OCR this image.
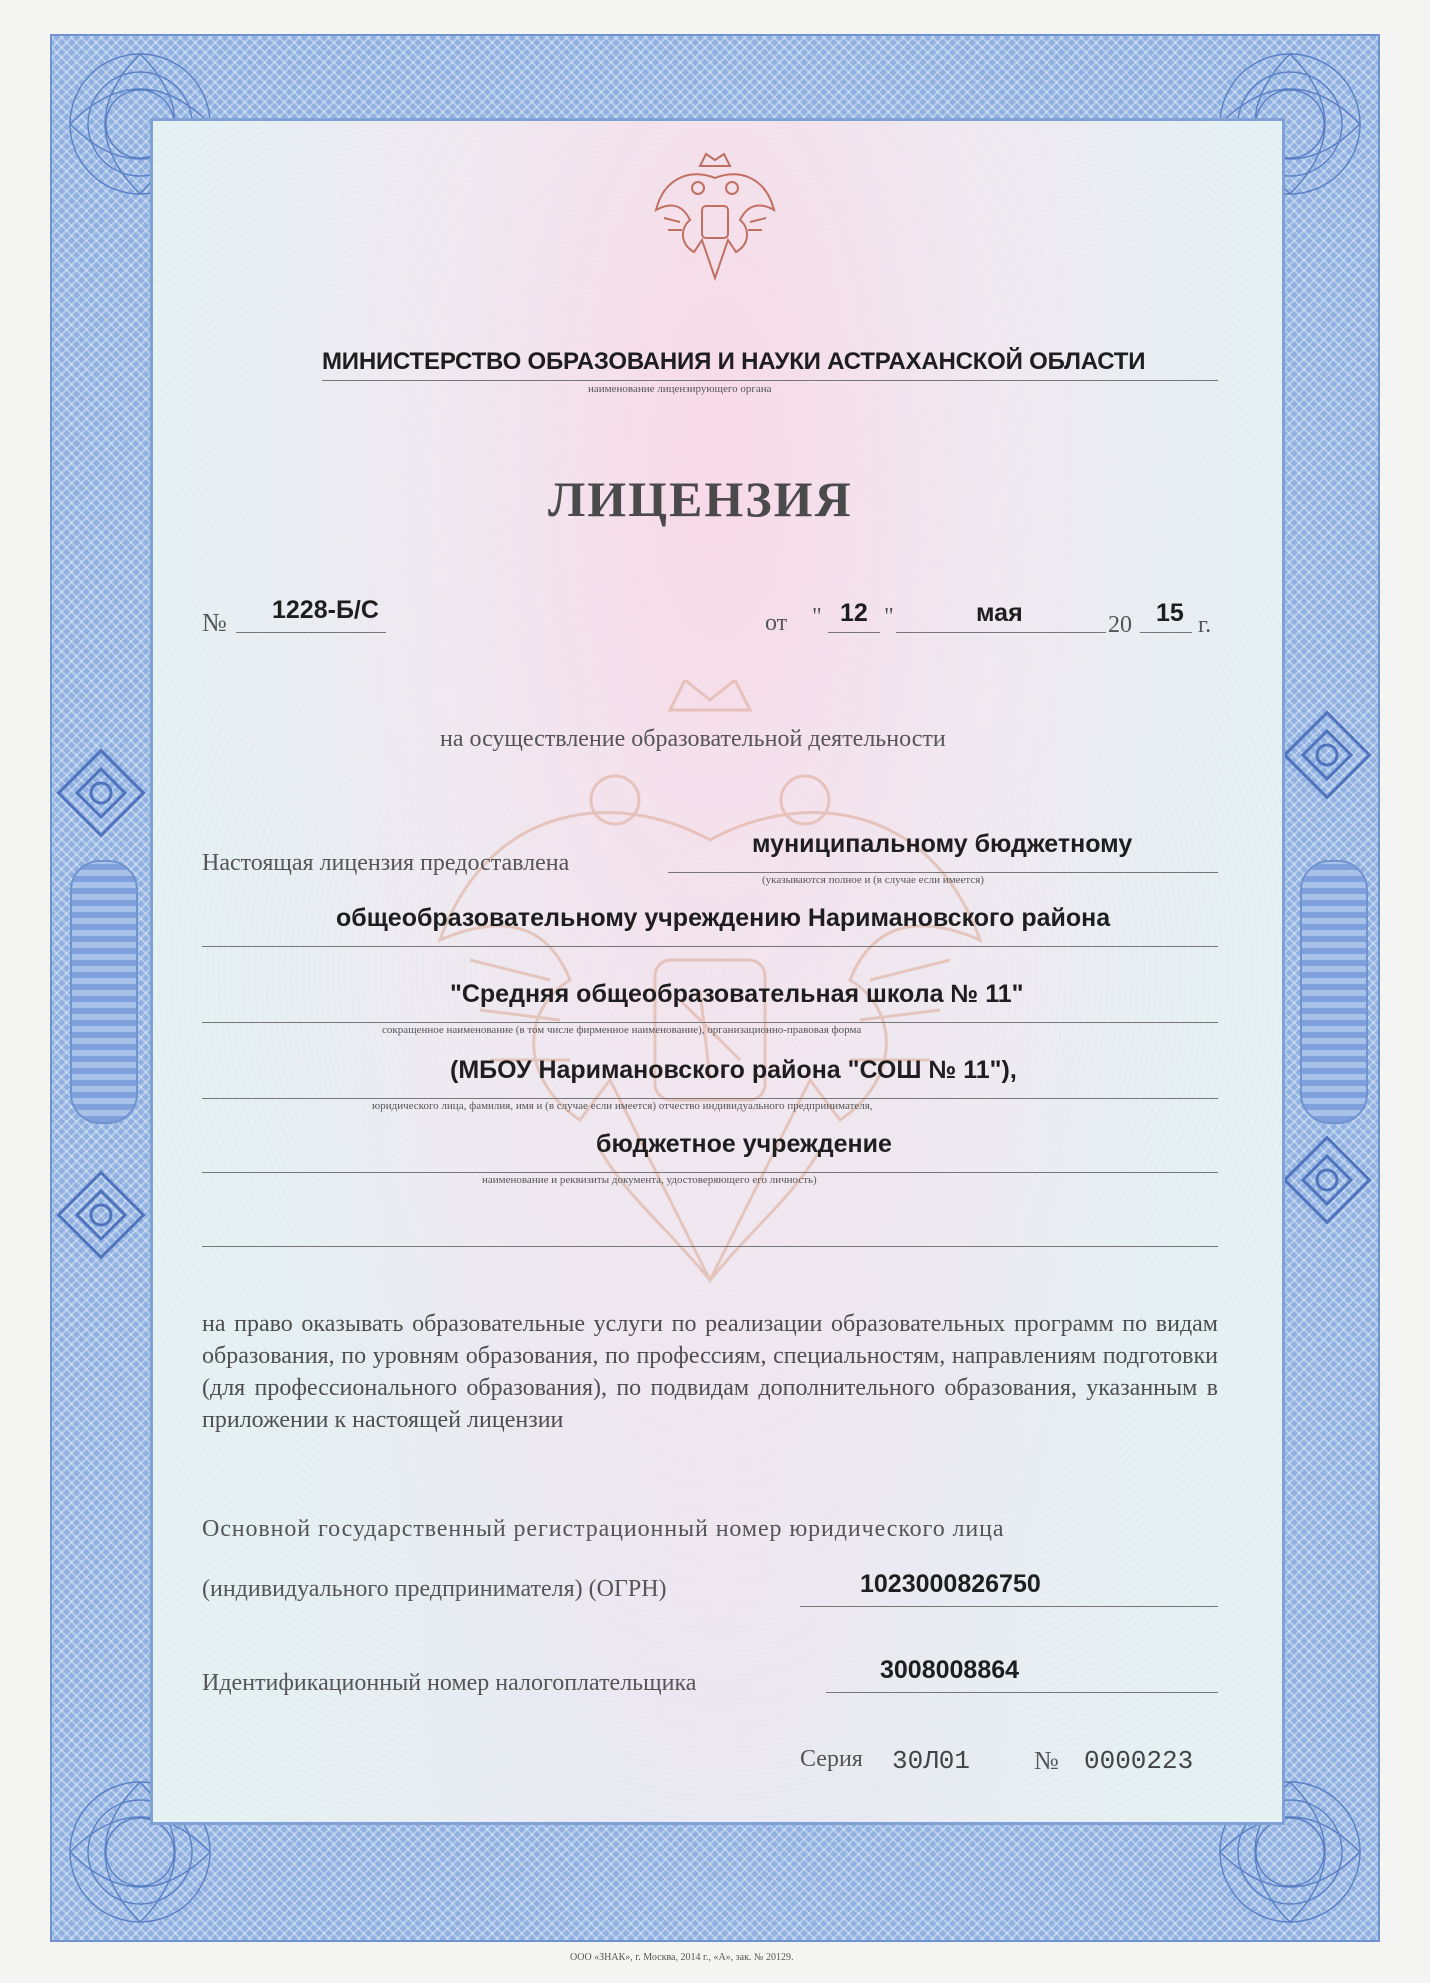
МИНИСТЕРСТВО ОБРАЗОВАНИЯ И НАУКИ АСТРАХАНСКОЙ ОБЛАСТИ
наименование лицензирующего органа
ЛИЦЕНЗИЯ
№ 1228-Б/С	от " 12 "	мая	20 15 г.
на осуществление образовательной деятельности
Настоящая лицензия предоставлена
муниципальному бюджетному
(указываются полное и (в случае если имеется)
общеобразовательному учреждению Наримановского района
"Средняя общеобразовательная школа № 11"
сокращенное наименование (в том числе фирменное наименование), организационно-правовая форма
(МБОУ Наримановского района "СОШ № 11"),
юридического лица, фамилия, имя и (в случае если имеется) отчество индивидуального предпринимателя,
бюджетное учреждение
наименование и реквизиты документа, удостоверяющего его личность)
на право оказывать образовательные услуги по реализации образовательных программ по видам образования, по уровням образования, по профессиям, специальностям, направлениям подготовки (для профессионального образования), по подвидам дополнительного образования, указанным в приложении к настоящей лицензии
Основной государственный регистрационный номер юридического лица
(индивидуального предпринимателя) (ОГРН)	1023000826750
Идентификационный номер налогоплательщика	3008008864
Серия 30Л01 № 0000223
ООО «ЗНАК», г. Москва, 2014 г., «А», зак. № 20129.
